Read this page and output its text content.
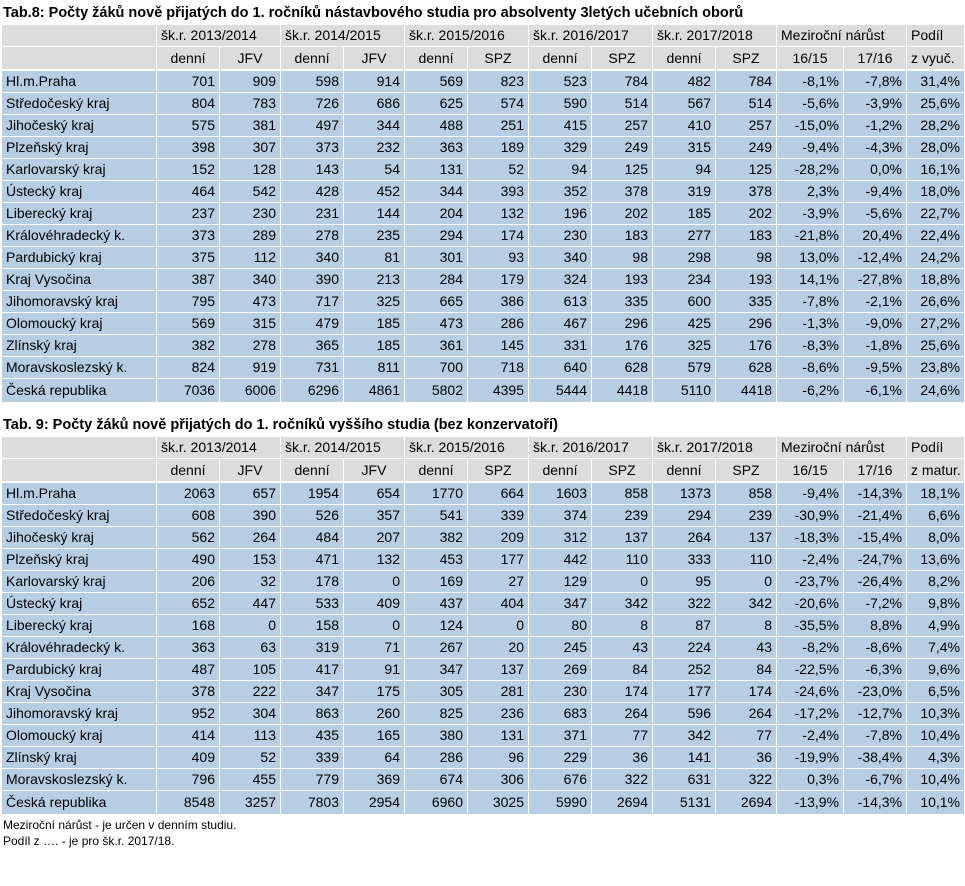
Tab.8: Počty žáků nově přijatých do 1. ročníků nástavbového studia pro absolventy 3letých učebních oborů
	šk.r. 2013/2014		šk.r. 2014/2015		šk.r. 2015/2016		šk.r. 2016/2017		šk.r. 2017/2018		Meziroční nárůst		Podíl
	denní	JFV	denní	JFV	denní	SPZ	denní	SPZ	denní	SPZ	16/15	17/16	z vyuč.
Hl.m.Praha	701	909	598	914	569	823	523	784	482	784	-8,1%	-7,8%	31,4%
Středočeský kraj	804	783	726	686	625	574	590	514	567	514	-5,6%	-3,9%	25,6%
Jihočeský kraj	575	381	497	344	488	251	415	257	410	257	-15,0%	-1,2%	28,2%
Plzeňský kraj	398	307	373	232	363	189	329	249	315	249	-9,4%	-4,3%	28,0%
Karlovarský kraj	152	128	143	54	131	52	94	125	94	125	-28,2%	0,0%	16,1%
Ústecký kraj	464	542	428	452	344	393	352	378	319	378	2,3%	-9,4%	18,0%
Liberecký kraj	237	230	231	144	204	132	196	202	185	202	-3,9%	-5,6%	22,7%
Královéhradecký k.	373	289	278	235	294	174	230	183	277	183	-21,8%	20,4%	22,4%
Pardubický kraj	375	112	340	81	301	93	340	98	298	98	13,0%	-12,4%	24,2%
Kraj Vysočina	387	340	390	213	284	179	324	193	234	193	14,1%	-27,8%	18,8%
Jihomoravský kraj	795	473	717	325	665	386	613	335	600	335	-7,8%	-2,1%	26,6%
Olomoucký kraj	569	315	479	185	473	286	467	296	425	296	-1,3%	-9,0%	27,2%
Zlínský kraj	382	278	365	185	361	145	331	176	325	176	-8,3%	-1,8%	25,6%
Moravskoslezský k.	824	919	731	811	700	718	640	628	579	628	-8,6%	-9,5%	23,8%
Česká republika	7036	6006	6296	4861	5802	4395	5444	4418	5110	4418	-6,2%	-6,1%	24,6%
Tab. 9: Počty žáků nově přijatých do 1. ročníků vyššího studia (bez konzervatoří)
	šk.r. 2013/2014		šk.r. 2014/2015		šk.r. 2015/2016		šk.r. 2016/2017		šk.r. 2017/2018		Meziroční nárůst		Podíl
	denní	JFV	denní	JFV	denní	SPZ	denní	SPZ	denní	SPZ	16/15	17/16	z matur.
Hl.m.Praha	2063	657	1954	654	1770	664	1603	858	1373	858	-9,4%	-14,3%	18,1%
Středočeský kraj	608	390	526	357	541	339	374	239	294	239	-30,9%	-21,4%	6,6%
Jihočeský kraj	562	264	484	207	382	209	312	137	264	137	-18,3%	-15,4%	8,0%
Plzeňský kraj	490	153	471	132	453	177	442	110	333	110	-2,4%	-24,7%	13,6%
Karlovarský kraj	206	32	178	0	169	27	129	0	95	0	-23,7%	-26,4%	8,2%
Ústecký kraj	652	447	533	409	437	404	347	342	322	342	-20,6%	-7,2%	9,8%
Liberecký kraj	168	0	158	0	124	0	80	8	87	8	-35,5%	8,8%	4,9%
Královéhradecký k.	363	63	319	71	267	20	245	43	224	43	-8,2%	-8,6%	7,4%
Pardubický kraj	487	105	417	91	347	137	269	84	252	84	-22,5%	-6,3%	9,6%
Kraj Vysočina	378	222	347	175	305	281	230	174	177	174	-24,6%	-23,0%	6,5%
Jihomoravský kraj	952	304	863	260	825	236	683	264	596	264	-17,2%	-12,7%	10,3%
Olomoucký kraj	414	113	435	165	380	131	371	77	342	77	-2,4%	-7,8%	10,4%
Zlínský kraj	409	52	339	64	286	96	229	36	141	36	-19,9%	-38,4%	4,3%
Moravskoslezský k.	796	455	779	369	674	306	676	322	631	322	0,3%	-6,7%	10,4%
Česká republika	8548	3257	7803	2954	6960	3025	5990	2694	5131	2694	-13,9%	-14,3%	10,1%
Meziroční nárůst - je určen v denním studiu.
Podíl z …. - je pro šk.r. 2017/18.
